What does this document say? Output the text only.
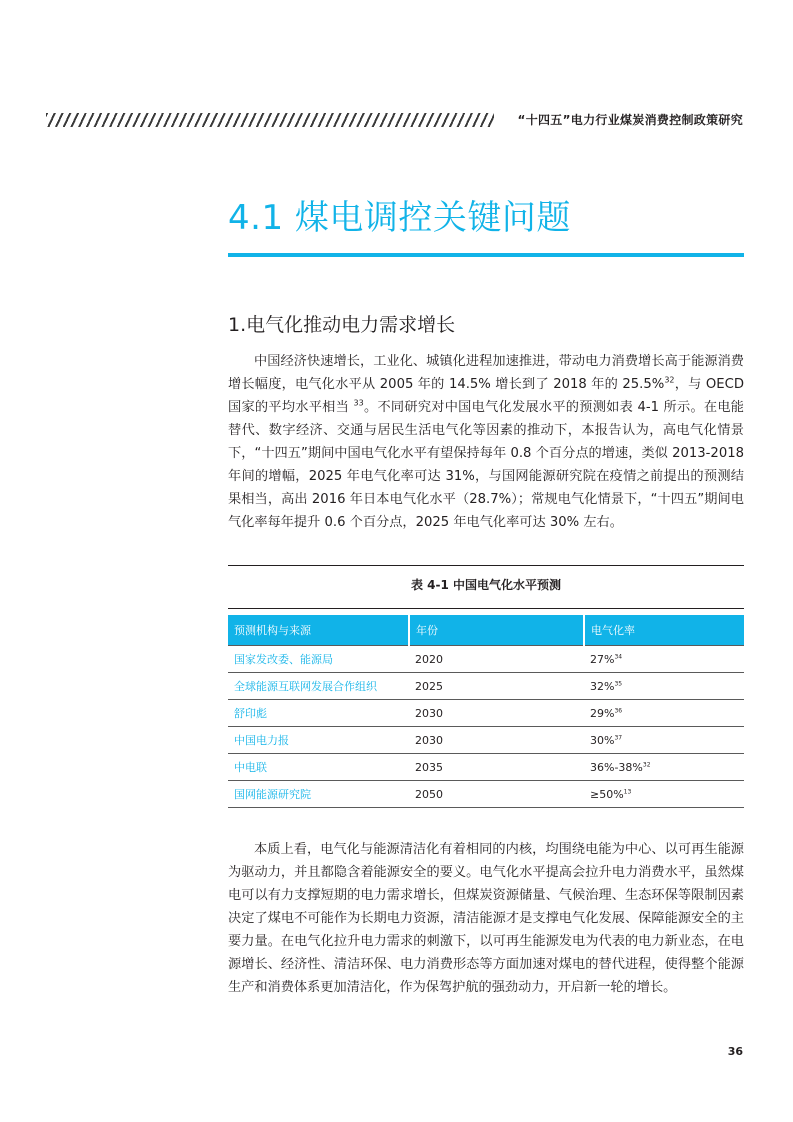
“十四五”电力行业煤炭消费控制政策研究
4.1 煤电调控关键问题
1.电气化推动电力需求增长

中国经济快速增长，工业化、城镇化进程加速推进，带动电力消费增长高于能源消费增长幅度，电气化水平从 2005 年的 14.5% 增长到了 2018 年的 25.5%$^{32}$，与 OECD 国家的平均水平相当 $^{33}$。不同研究对中国电气化发展水平的预测如表 4-1 所示。在电能替代、数字经济、交通与居民生活电气化等因素的推动下，本报告认为，高电气化情景下，“十四五”期间中国电气化水平有望保持每年 0.8 个百分点的增速，类似 2013-2018 年间的增幅，2025 年电气化率可达 31%，与国网能源研究院在疫情之前提出的预测结果相当，高出 2016 年日本电气化水平（28.7%）；常规电气化情景下，“十四五”期间电气化率每年提升 0.6 个百分点，2025 年电气化率可达 30% 左右。

表 4-1 中国电气化水平预测
预测机构与来源	年份	电气化率
国家发改委、能源局	2020	27%$^{34}$
全球能源互联网发展合作组织	2025	32%$^{35}$
舒印彪	2030	29%$^{36}$
中国电力报	2030	30%$^{37}$
中电联	2035	36%-38%$^{32}$
国网能源研究院	2050	≥50%$^{13}$

本质上看，电气化与能源清洁化有着相同的内核，均围绕电能为中心、以可再生能源为驱动力，并且都隐含着能源安全的要义。电气化水平提高会拉升电力消费水平，虽然煤电可以有力支撑短期的电力需求增长，但煤炭资源储量、气候治理、生态环保等限制因素决定了煤电不可能作为长期电力资源，清洁能源才是支撑电气化发展、保障能源安全的主要力量。在电气化拉升电力需求的刺激下，以可再生能源发电为代表的电力新业态，在电源增长、经济性、清洁环保、电力消费形态等方面加速对煤电的替代进程，使得整个能源生产和消费体系更加清洁化，作为保驾护航的强劲动力，开启新一轮的增长。

36
